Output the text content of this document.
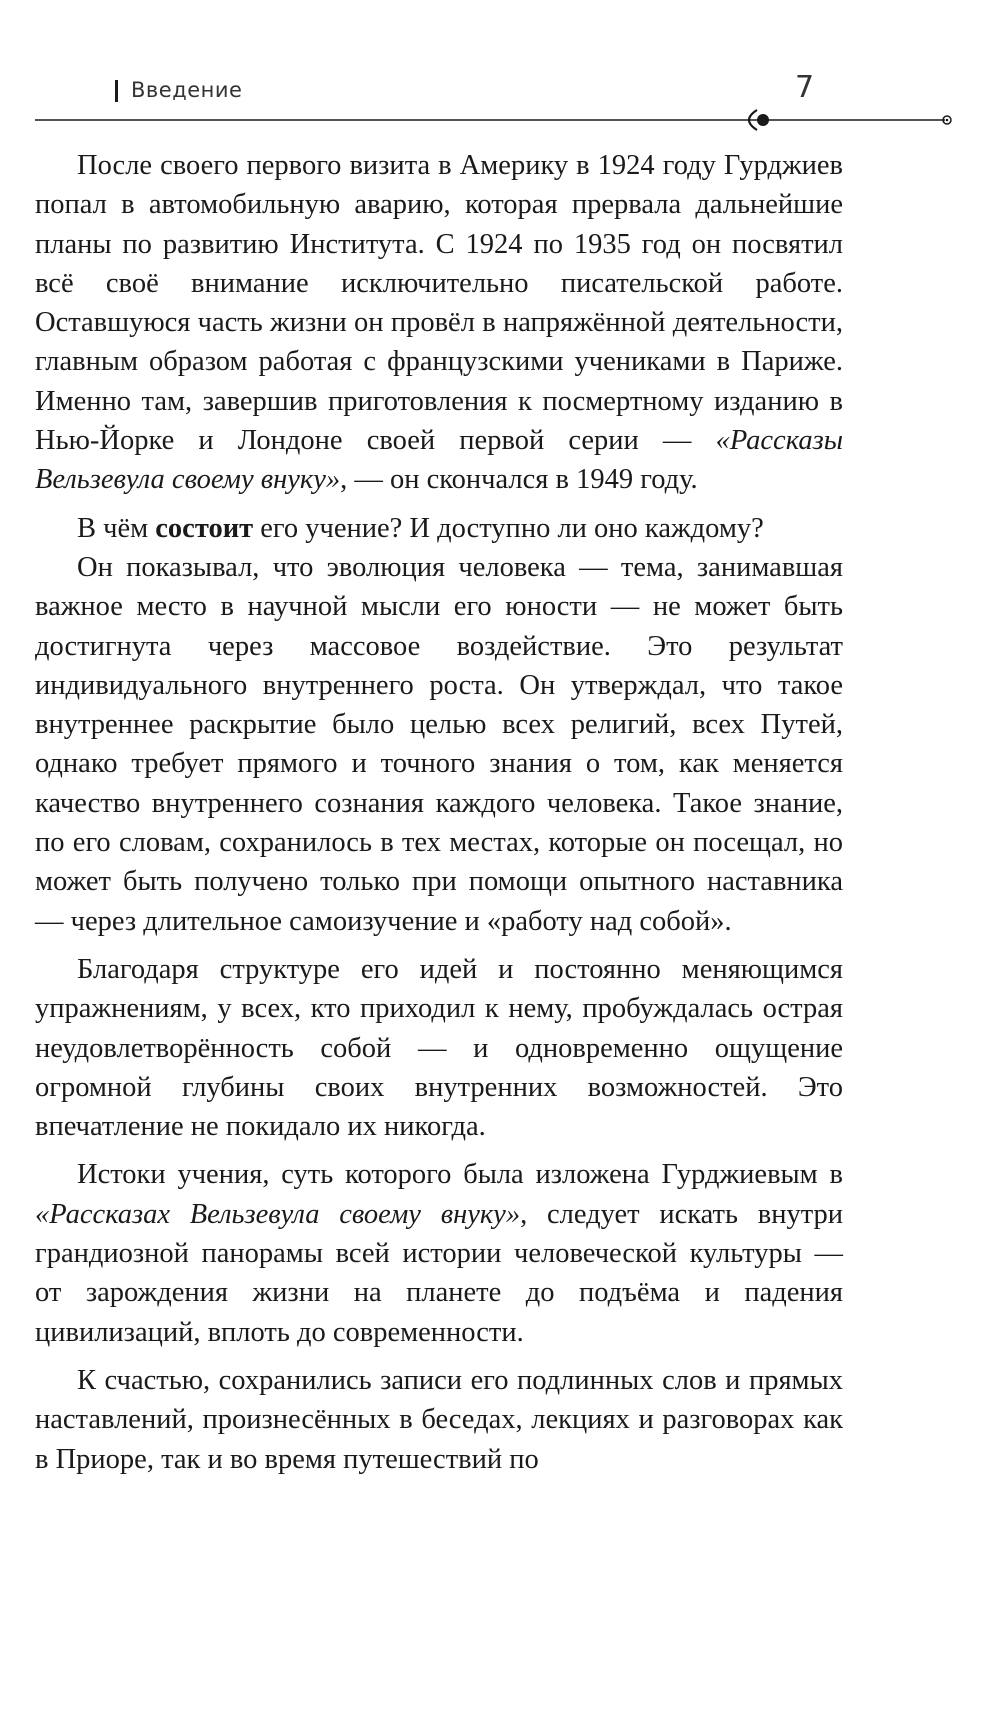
Введение	7

После своего первого визита в Америку в 1924 году Гурджиев попал в автомобильную аварию, которая прервала дальнейшие планы по развитию Института. С 1924 по 1935 год он посвятил всё своё внимание исключительно писательской работе. Оставшуюся часть жизни он провёл в напряжённой деятельности, главным образом работая с французскими учениками в Париже. Именно там, завершив приготовления к посмертному изданию в Нью-Йорке и Лондоне своей первой серии — «Рассказы Вельзевула своему внуку», — он скончался в 1949 году.

В чём состоит его учение? И доступно ли оно каждому?

Он показывал, что эволюция человека — тема, занимавшая важное место в научной мысли его юности — не может быть достигнута через массовое воздействие. Это результат индивидуального внутреннего роста. Он утверждал, что такое внутреннее раскрытие было целью всех религий, всех Путей, однако требует прямого и точного знания о том, как меняется качество внутреннего сознания каждого человека. Такое знание, по его словам, сохранилось в тех местах, которые он посещал, но может быть получено только при помощи опытного наставника — через длительное самоизучение и «работу над собой».

Благодаря структуре его идей и постоянно меняющимся упражнениям, у всех, кто приходил к нему, пробуждалась острая неудовлетворённость собой — и одновременно ощущение огромной глубины своих внутренних возможностей. Это впечатление не покидало их никогда.

Истоки учения, суть которого была изложена Гурджиевым в «Рассказах Вельзевула своему внуку», следует искать внутри грандиозной панорамы всей истории человеческой культуры — от зарождения жизни на планете до подъёма и падения цивилизаций, вплоть до современности.

К счастью, сохранились записи его подлинных слов и прямых наставлений, произнесённых в беседах, лекциях и разговорах как в Приоре, так и во время путешествий по
